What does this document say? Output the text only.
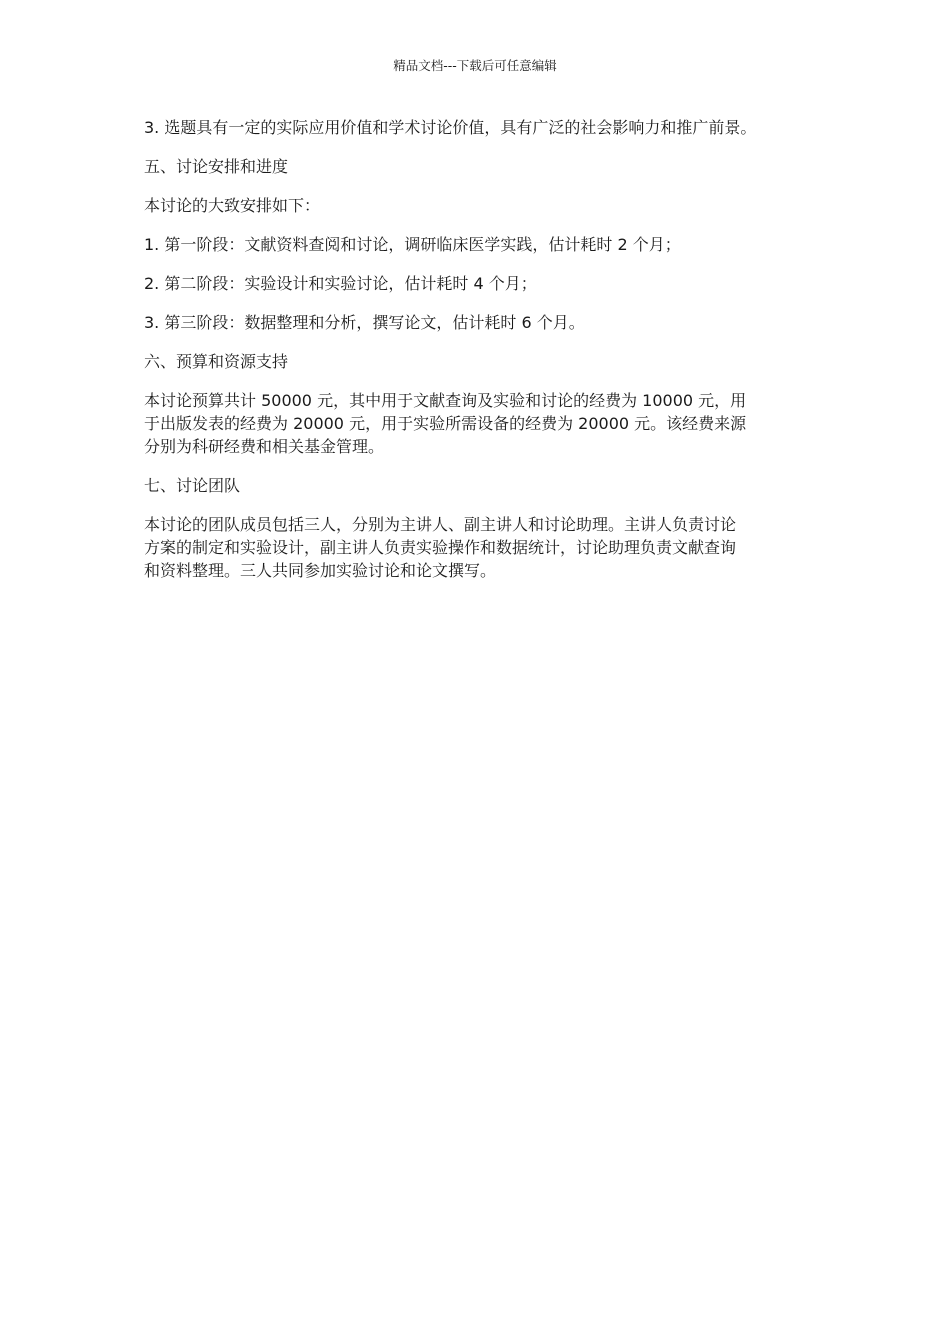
精品文档---下载后可任意编辑

3. 选题具有一定的实际应用价值和学术讨论价值，具有广泛的社会影响力和推广前景。

五、讨论安排和进度

本讨论的大致安排如下：

1. 第一阶段：文献资料查阅和讨论，调研临床医学实践，估计耗时 2 个月；

2. 第二阶段：实验设计和实验讨论，估计耗时 4 个月；

3. 第三阶段：数据整理和分析，撰写论文，估计耗时 6 个月。

六、预算和资源支持

本讨论预算共计 50000 元，其中用于文献查询及实验和讨论的经费为 10000 元，用
于出版发表的经费为 20000 元，用于实验所需设备的经费为 20000 元。该经费来源
分别为科研经费和相关基金管理。

七、讨论团队

本讨论的团队成员包括三人，分别为主讲人、副主讲人和讨论助理。主讲人负责讨论
方案的制定和实验设计，副主讲人负责实验操作和数据统计，讨论助理负责文献查询
和资料整理。三人共同参加实验讨论和论文撰写。
